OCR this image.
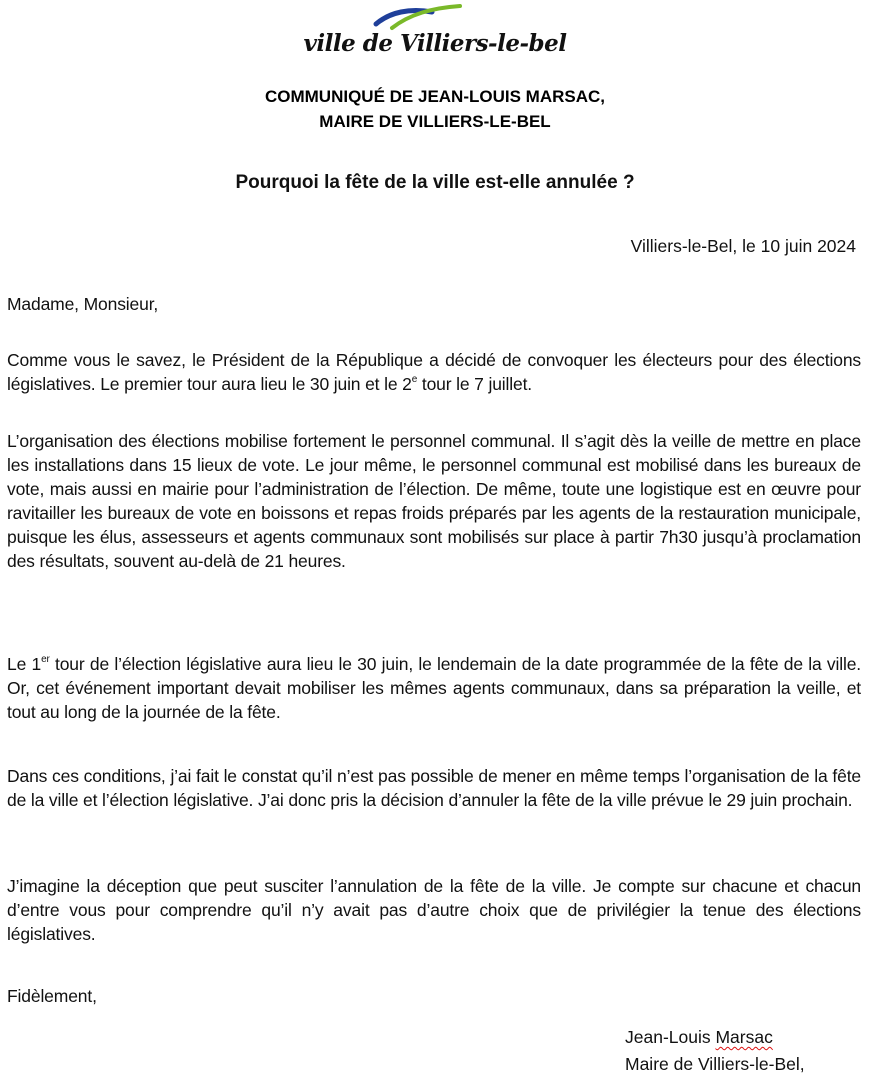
ville de Villiers-le-bel
COMMUNIQUÉ DE JEAN-LOUIS MARSAC,
MAIRE DE VILLIERS-LE-BEL
Pourquoi la fête de la ville est-elle annulée ?
Villiers-le-Bel, le 10 juin 2024

Madame, Monsieur,

Comme vous le savez, le Président de la République a décidé de convoquer les électeurs pour des élections législatives. Le premier tour aura lieu le 30 juin et le 2e tour le 7 juillet.

L’organisation des élections mobilise fortement le personnel communal. Il s’agit dès la veille de mettre en place les installations dans 15 lieux de vote. Le jour même, le personnel communal est mobilisé dans les bureaux de vote, mais aussi en mairie pour l’administration de l’élection. De même, toute une logistique est en œuvre pour ravitailler les bureaux de vote en boissons et repas froids préparés par les agents de la restauration municipale, puisque les élus, assesseurs et agents communaux sont mobilisés sur place à partir 7h30 jusqu’à proclamation des résultats, souvent au-delà de 21 heures.

Le 1er tour de l’élection législative aura lieu le 30 juin, le lendemain de la date programmée de la fête de la ville. Or, cet événement important devait mobiliser les mêmes agents communaux, dans sa préparation la veille, et tout au long de la journée de la fête.

Dans ces conditions, j’ai fait le constat qu’il n’est pas possible de mener en même temps l’organisation de la fête de la ville et l’élection législative. J’ai donc pris la décision d’annuler la fête de la ville prévue le 29 juin prochain.

J’imagine la déception que peut susciter l’annulation de la fête de la ville. Je compte sur chacune et chacun d’entre vous pour comprendre qu’il n’y avait pas d’autre choix que de privilégier la tenue des élections législatives.

Fidèlement,

Jean-Louis Marsac
Maire de Villiers-le-Bel,
